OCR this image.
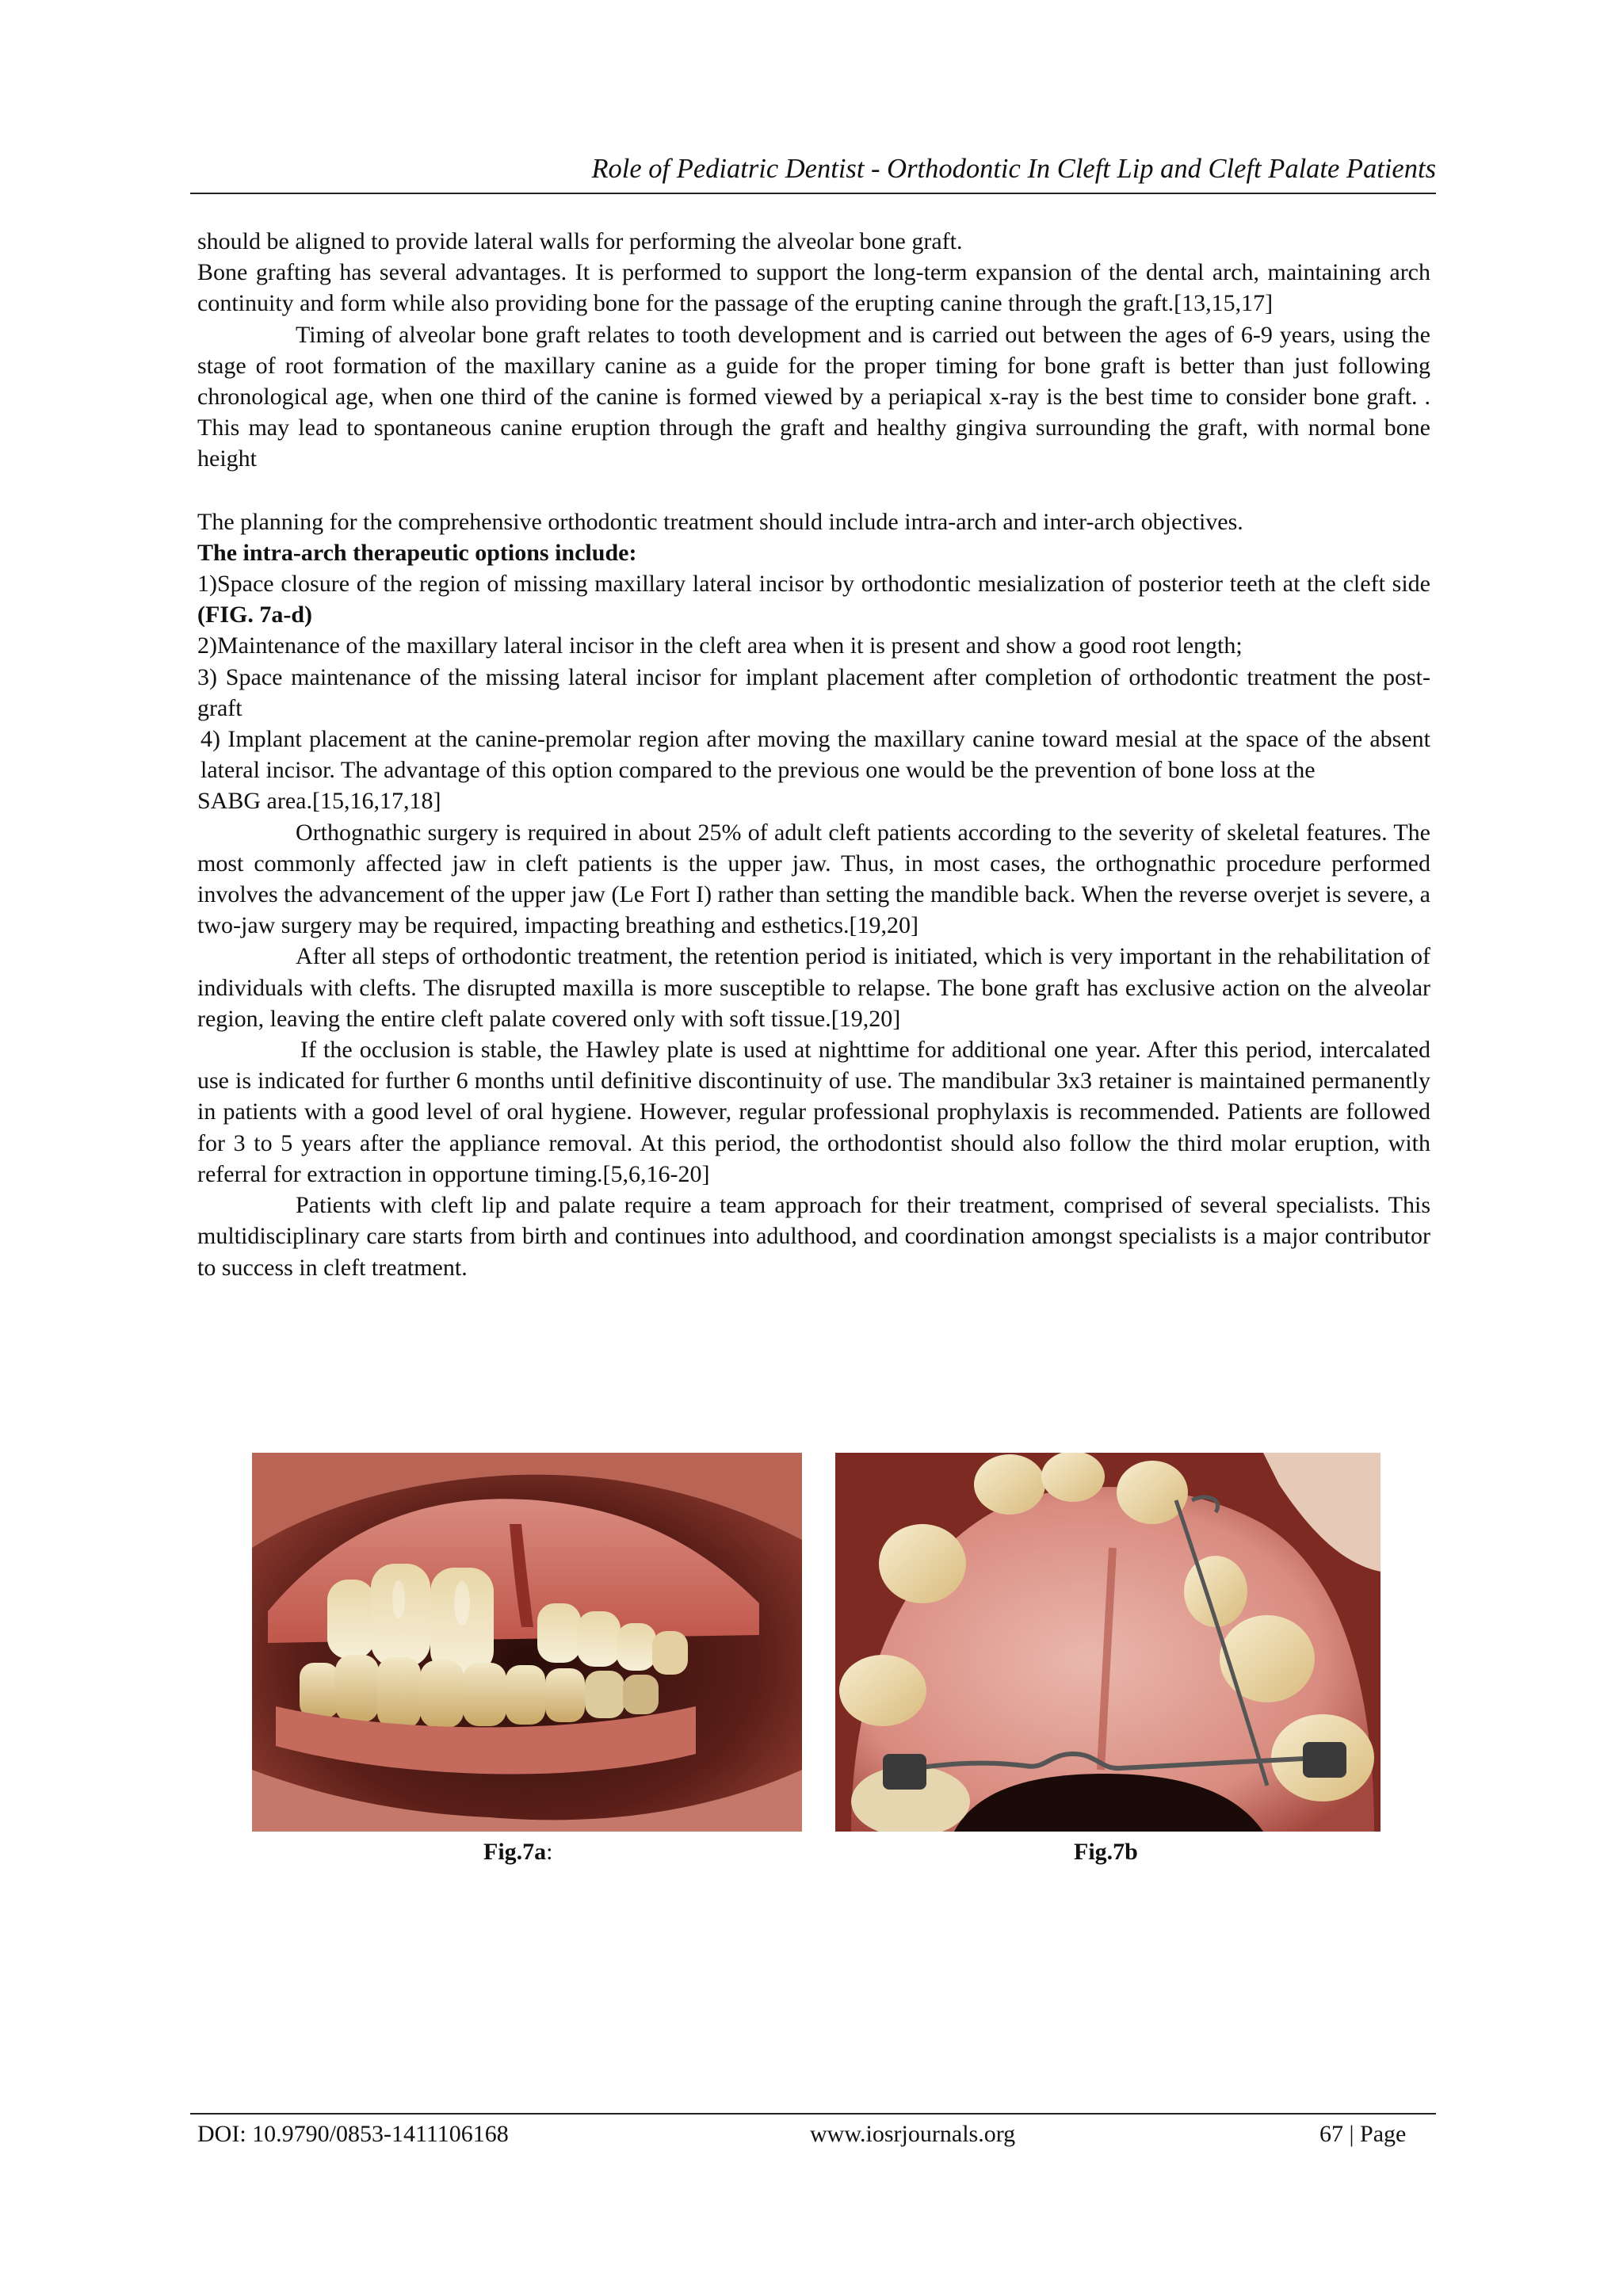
Role of Pediatric Dentist - Orthodontic In Cleft Lip and Cleft Palate Patients

should be aligned to provide lateral walls for performing the alveolar bone graft.

Bone grafting has several advantages. It is performed to support the long-term expansion of the dental arch, maintaining arch continuity and form while also providing bone for the passage of the erupting canine through the graft.[13,15,17]

Timing of alveolar bone graft relates to tooth development and is carried out between the ages of 6-9 years, using the stage of root formation of the maxillary canine as a guide for the proper timing for bone graft is better than just following chronological age, when one third of the canine is formed viewed by a periapical x-ray is the best time to consider bone graft. . This may lead to spontaneous canine eruption through the graft and healthy gingiva surrounding the graft, with normal bone height

The planning for the comprehensive orthodontic treatment should include intra-arch and inter-arch objectives.

The intra-arch therapeutic options include:

1)Space closure of the region of missing maxillary lateral incisor by orthodontic mesialization of posterior teeth at the cleft side (FIG. 7a-d)

2)Maintenance of the maxillary lateral incisor in the cleft area when it is present and show a good root length;

3) Space maintenance of the missing lateral incisor for implant placement after completion of orthodontic treatment the post-graft

4) Implant placement at the canine-premolar region after moving the maxillary canine toward mesial at the space of the absent lateral incisor. The advantage of this option compared to the previous one would be the prevention of bone loss at the

SABG area.[15,16,17,18]

Orthognathic surgery is required in about 25% of adult cleft patients according to the severity of skeletal features. The most commonly affected jaw in cleft patients is the upper jaw. Thus, in most cases, the orthognathic procedure performed involves the advancement of the upper jaw (Le Fort I) rather than setting the mandible back. When the reverse overjet is severe, a two-jaw surgery may be required, impacting breathing and esthetics.[19,20]

After all steps of orthodontic treatment, the retention period is initiated, which is very important in the rehabilitation of individuals with clefts. The disrupted maxilla is more susceptible to relapse. The bone graft has exclusive action on the alveolar region, leaving the entire cleft palate covered only with soft tissue.[19,20]

If the occlusion is stable, the Hawley plate is used at nighttime for additional one year. After this period, intercalated use is indicated for further 6 months until definitive discontinuity of use. The mandibular 3x3 retainer is maintained permanently in patients with a good level of oral hygiene. However, regular professional prophylaxis is recommended. Patients are followed for 3 to 5 years after the appliance removal. At this period, the orthodontist should also follow the third molar eruption, with referral for extraction in opportune timing.[5,6,16-20]

Patients with cleft lip and palate require a team approach for their treatment, comprised of several specialists. This multidisciplinary care starts from birth and continues into adulthood, and coordination amongst specialists is a major contributor to success in cleft treatment.

Fig.7a:	Fig.7b
DOI: 10.9790/0853-1411106168	www.iosrjournals.org	67 | Page
